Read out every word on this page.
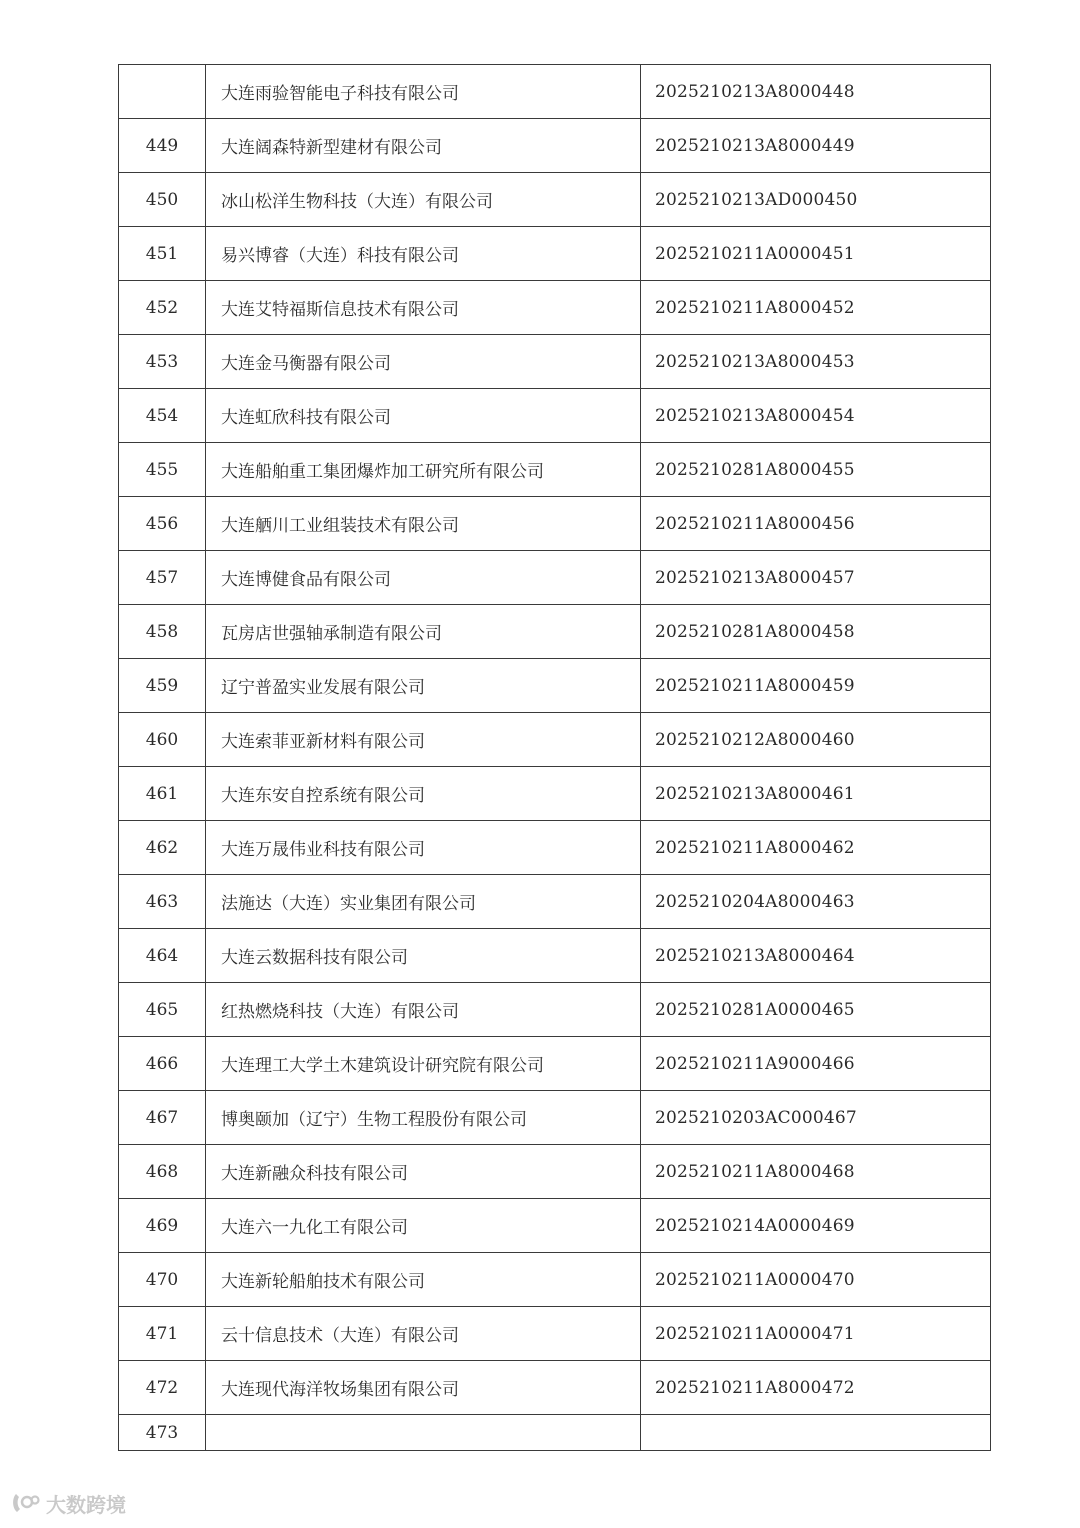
	大连雨验智能电子科技有限公司	2025210213A8000448
449	大连阔森特新型建材有限公司	2025210213A8000449
450	冰山松洋生物科技（大连）有限公司	2025210213AD000450
451	易兴博睿（大连）科技有限公司	2025210211A0000451
452	大连艾特福斯信息技术有限公司	2025210211A8000452
453	大连金马衡器有限公司	2025210213A8000453
454	大连虹欣科技有限公司	2025210213A8000454
455	大连船舶重工集团爆炸加工研究所有限公司	2025210281A8000455
456	大连舾川工业组装技术有限公司	2025210211A8000456
457	大连博健食品有限公司	2025210213A8000457
458	瓦房店世强轴承制造有限公司	2025210281A8000458
459	辽宁普盈实业发展有限公司	2025210211A8000459
460	大连索菲亚新材料有限公司	2025210212A8000460
461	大连东安自控系统有限公司	2025210213A8000461
462	大连万晟伟业科技有限公司	2025210211A8000462
463	法施达（大连）实业集团有限公司	2025210204A8000463
464	大连云数据科技有限公司	2025210213A8000464
465	红热燃烧科技（大连）有限公司	2025210281A0000465
466	大连理工大学土木建筑设计研究院有限公司	2025210211A9000466
467	博奥颐加（辽宁）生物工程股份有限公司	2025210203AC000467
468	大连新融众科技有限公司	2025210211A8000468
469	大连六一九化工有限公司	2025210214A0000469
470	大连新轮船舶技术有限公司	2025210211A0000470
471	云十信息技术（大连）有限公司	2025210211A0000471
472	大连现代海洋牧场集团有限公司	2025210211A8000472
473		
大数跨境
